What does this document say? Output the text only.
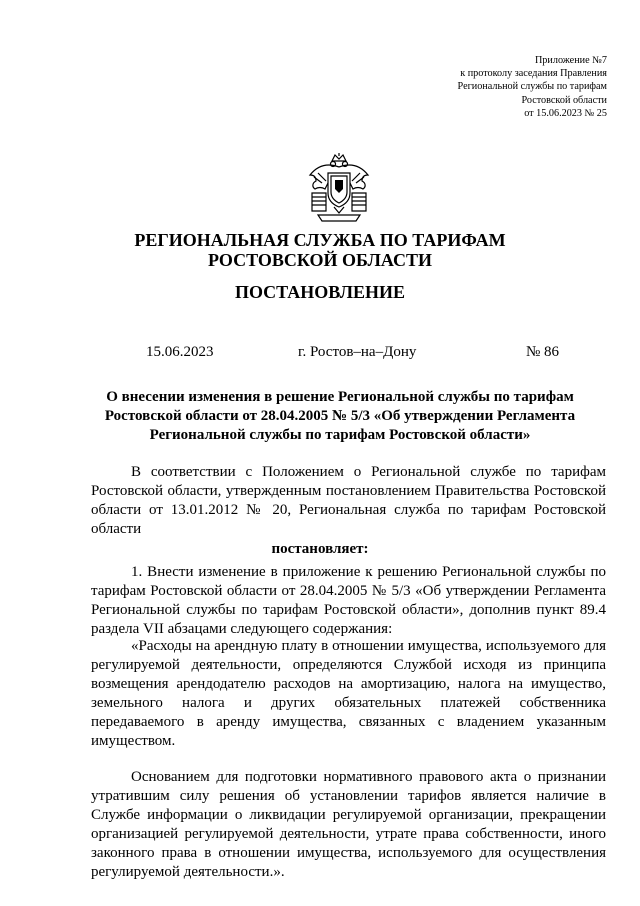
Приложение №7
к протоколу заседания Правления
Региональной службы по тарифам
Ростовской области
от 15.06.2023 № 25
РЕГИОНАЛЬНАЯ СЛУЖБА ПО ТАРИФАМ
РОСТОВСКОЙ ОБЛАСТИ
ПОСТАНОВЛЕНИЕ
15.06.2023	г. Ростов–на–Дону	№ 86
О внесении изменения в решение Региональной службы по тарифам
Ростовской области от 28.04.2005 № 5/3 «Об утверждении Регламента
Региональной службы по тарифам Ростовской области»

В соответствии с Положением о Региональной службе по тарифам Ростовской области, утвержденным постановлением Правительства Ростовской области от 13.01.2012 № 20, Региональная служба по тарифам Ростовской области

постановляет:

1. Внести изменение в приложение к решению Региональной службы по тарифам Ростовской области от 28.04.2005 № 5/3 «Об утверждении Регламента Региональной службы по тарифам Ростовской области», дополнив пункт 89.4 раздела VII абзацами следующего содержания:

«Расходы на арендную плату в отношении имущества, используемого для регулируемой деятельности, определяются Службой исходя из принципа возмещения арендодателю расходов на амортизацию, налога на имущество, земельного налога и других обязательных платежей собственника передаваемого в аренду имущества, связанных с владением указанным имуществом.

Основанием для подготовки нормативного правового акта о признании утратившим силу решения об установлении тарифов является наличие в Службе информации о ликвидации регулируемой организации, прекращении организацией регулируемой деятельности, утрате права собственности, иного законного права в отношении имущества, используемого для осуществления регулируемой деятельности.».
